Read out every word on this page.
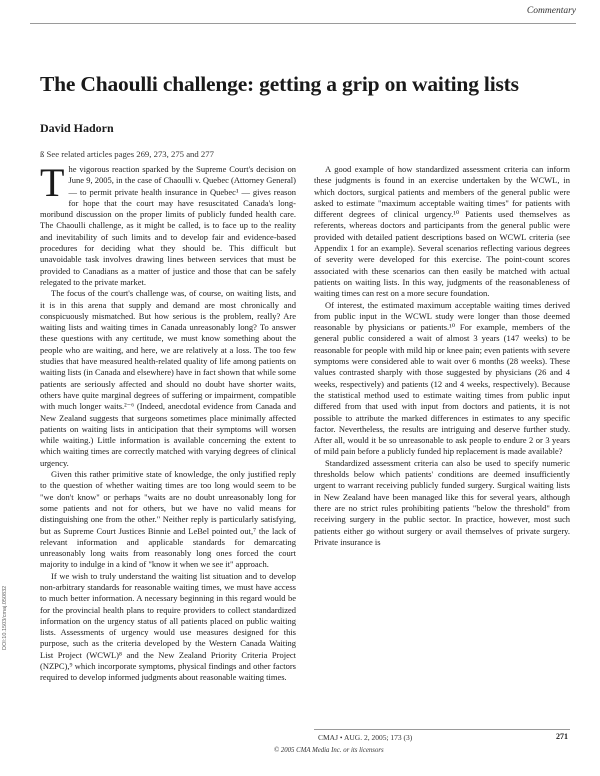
Commentary
The Chaoulli challenge: getting a grip on waiting lists
David Hadorn
ß See related articles pages 269, 273, 275 and 277

The vigorous reaction sparked by the Supreme Court's decision on June 9, 2005, in the case of Chaoulli v. Quebec (Attorney General) — to permit private health insurance in Quebec¹ — gives reason for hope that the court may have resuscitated Canada's long-moribund discussion on the proper limits of publicly funded health care. The Chaoulli challenge, as it might be called, is to face up to the reality and inevitability of such limits and to develop fair and evidence-based procedures for deciding what they should be. This difficult but unavoidable task involves drawing lines between services that must be provided to Canadians as a matter of justice and those that can be safely relegated to the private market.

The focus of the court's challenge was, of course, on waiting lists, and it is in this arena that supply and demand are most chronically and conspicuously mismatched. But how serious is the problem, really? Are waiting lists and waiting times in Canada unreasonably long? To answer these questions with any certitude, we must know something about the people who are waiting, and here, we are relatively at a loss. The too few studies that have measured health-related quality of life among patients on waiting lists (in Canada and elsewhere) have in fact shown that while some patients are seriously affected and should no doubt have shorter waits, others have quite marginal degrees of suffering or impairment, compatible with much longer waits.²⁻⁶ (Indeed, anecdotal evidence from Canada and New Zealand suggests that surgeons sometimes place minimally affected patients on waiting lists in anticipation that their symptoms will worsen while waiting.) Little information is available concerning the extent to which waiting times are correctly matched with varying degrees of clinical urgency.

Given this rather primitive state of knowledge, the only justified reply to the question of whether waiting times are too long would seem to be "we don't know" or perhaps "waits are no doubt unreasonably long for some patients and not for others, but we have no valid means for distinguishing one from the other." Neither reply is particularly satisfying, but as Supreme Court Justices Binnie and LeBel pointed out,⁷ the lack of relevant information and applicable standards for demarcating unreasonably long waits from reasonably long ones forced the court majority to indulge in a kind of "know it when we see it" approach.

If we wish to truly understand the waiting list situation and to develop non-arbitrary standards for reasonable waiting times, we must have access to much better information. A necessary beginning in this regard would be for the provincial health plans to require providers to collect standardized information on the urgency status of all patients placed on public waiting lists. Assessments of urgency would use measures designed for this purpose, such as the criteria developed by the Western Canada Waiting List Project (WCWL)⁸ and the New Zealand Priority Criteria Project (NZPC),⁹ which incorporate symptoms, physical findings and other factors required to develop informed judgments about reasonable waiting times.

A good example of how standardized assessment criteria can inform these judgments is found in an exercise undertaken by the WCWL, in which doctors, surgical patients and members of the general public were asked to estimate "maximum acceptable waiting times" for patients with different degrees of clinical urgency.¹⁰ Patients used themselves as referents, whereas doctors and participants from the general public were provided with detailed patient descriptions based on WCWL criteria (see Appendix 1 for an example). Several scenarios reflecting various degrees of severity were developed for this exercise. The point-count scores associated with these scenarios can then easily be matched with actual patients on waiting lists. In this way, judgments of the reasonableness of waiting times can rest on a more secure foundation.

Of interest, the estimated maximum acceptable waiting times derived from public input in the WCWL study were longer than those deemed reasonable by physicians or patients.¹⁰ For example, members of the general public considered a wait of almost 3 years (147 weeks) to be reasonable for people with mild hip or knee pain; even patients with severe symptoms were considered able to wait over 6 months (28 weeks). These values contrasted sharply with those suggested by physicians (26 and 4 weeks, respectively) and patients (12 and 4 weeks, respectively). Because the statistical method used to estimate waiting times from public input differed from that used with input from doctors and patients, it is not possible to attribute the marked differences in estimates to any specific factor. Nevertheless, the results are intriguing and deserve further study. After all, would it be so unreasonable to ask people to endure 2 or 3 years of mild pain before a publicly funded hip replacement is made available?

Standardized assessment criteria can also be used to specify numeric thresholds below which patients' conditions are deemed insufficiently urgent to warrant receiving publicly funded surgery. Surgical waiting lists in New Zealand have been managed like this for several years, although there are no strict rules prohibiting patients "below the threshold" from receiving surgery in the public sector. In practice, however, most such patients either go without surgery or avail themselves of private surgery. Private insurance is

DOI:10.1503/cmaj.050832
CMAJ • AUG. 2, 2005; 173 (3)	271
© 2005 CMA Media Inc. or its licensors
